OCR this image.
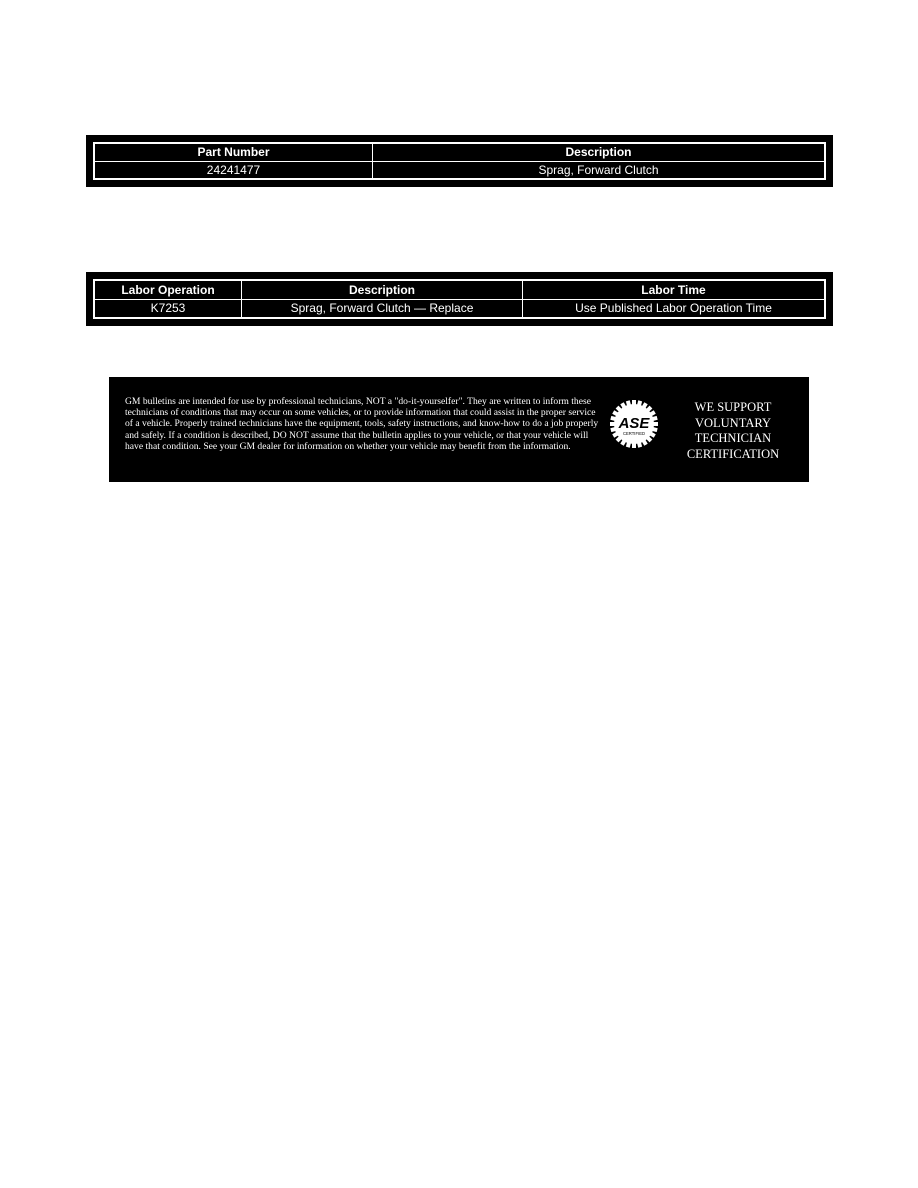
Part Number	Description
24241477	Sprag, Forward Clutch
Labor Operation	Description	Labor Time
K7253	Sprag, Forward Clutch — Replace	Use Published Labor Operation Time
GM bulletins are intended for use by professional technicians, NOT a "do-it-yourselfer". They are written to inform these technicians of conditions that may occur on some vehicles, or to provide information that could assist in the proper service of a vehicle. Properly trained technicians have the equipment, tools, safety instructions, and know-how to do a job properly and safely. If a condition is described, DO NOT assume that the bulletin applies to your vehicle, or that your vehicle will have that condition. See your GM dealer for information on whether your vehicle may benefit from the information.
ASE
CERTIFIED
WE SUPPORT
VOLUNTARY
TECHNICIAN
CERTIFICATION
